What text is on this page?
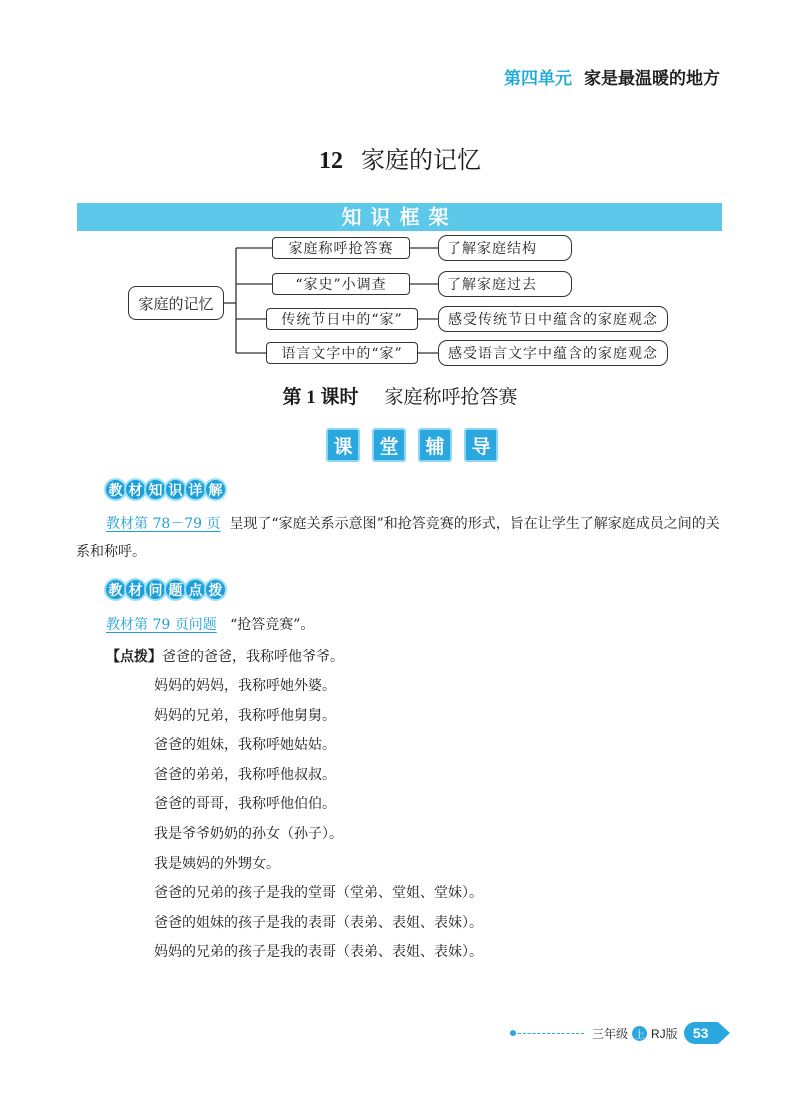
第四单元 家是最温暖的地方
12 家庭的记忆
知识框架
家庭的记忆
家庭称呼抢答赛
“家史”小调查
传统节日中的“家”
语言文字中的“家”
了解家庭结构
了解家庭过去
感受传统节日中蕴含的家庭观念
感受语言文字中蕴含的家庭观念
第 1 课时 家庭称呼抢答赛
课	堂	辅	导
教 材 知 识 详 解

教材第 78－79 页 呈现了“家庭关系示意图”和抢答竞赛的形式，旨在让学生了解家庭成员之间的关系和称呼。

教 材 问 题 点 拨
教材第 79 页问题 “抢答竞赛”。
【点拨】爸爸的爸爸，我称呼他爷爷。
妈妈的妈妈，我称呼她外婆。
妈妈的兄弟，我称呼他舅舅。
爸爸的姐妹，我称呼她姑姑。
爸爸的弟弟，我称呼他叔叔。
爸爸的哥哥，我称呼他伯伯。
我是爷爷奶奶的孙女（孙子）。
我是姨妈的外甥女。
爸爸的兄弟的孩子是我的堂哥（堂弟、堂姐、堂妹）。
爸爸的姐妹的孩子是我的表哥（表弟、表姐、表妹）。
妈妈的兄弟的孩子是我的表哥（表弟、表姐、表妹）。
三年级 上 RJ版	53
